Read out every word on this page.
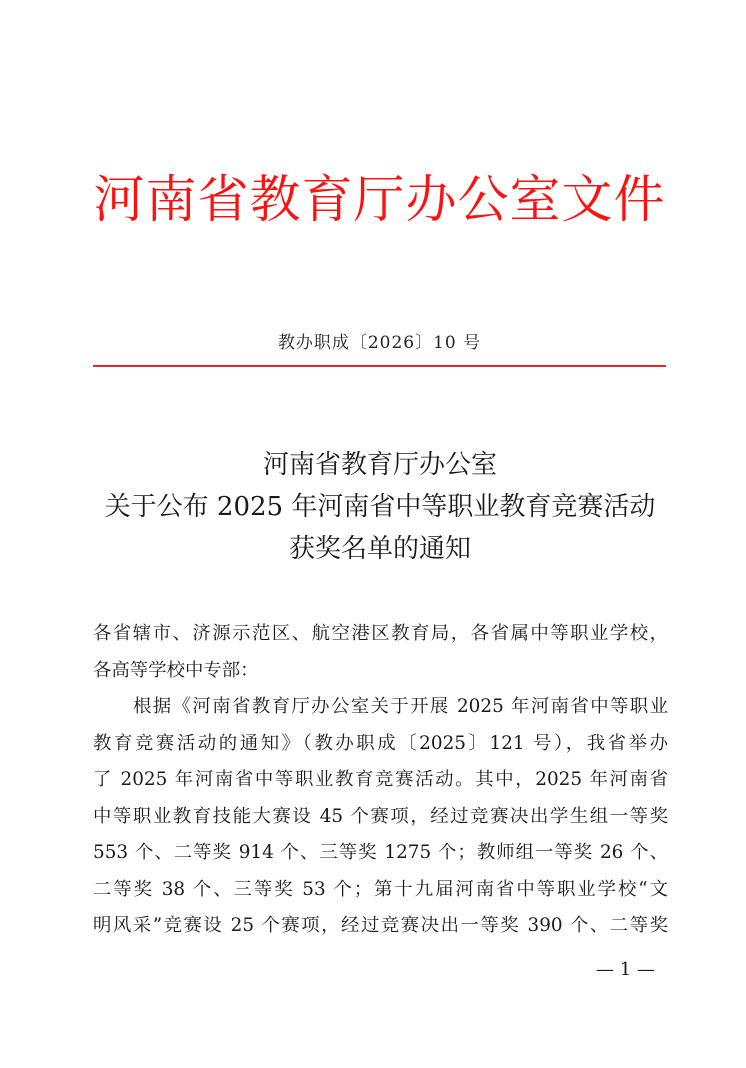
河南省教育厅办公室文件
教办职成〔2026〕10 号
河南省教育厅办公室
关于公布 2025 年河南省中等职业教育竞赛活动
获奖名单的通知
各省辖市、济源示范区、航空港区教育局，各省属中等职业学校，
各高等学校中专部：
根据《河南省教育厅办公室关于开展 2025 年河南省中等职业
教育竞赛活动的通知》（教办职成〔2025〕121 号），我省举办
了 2025 年河南省中等职业教育竞赛活动。其中，2025 年河南省
中等职业教育技能大赛设 45 个赛项，经过竞赛决出学生组一等奖
553 个、二等奖 914 个、三等奖 1275 个；教师组一等奖 26 个、
二等奖 38 个、三等奖 53 个；第十九届河南省中等职业学校“文
明风采”竞赛设 25 个赛项，经过竞赛决出一等奖 390 个、二等奖
— 1 —
